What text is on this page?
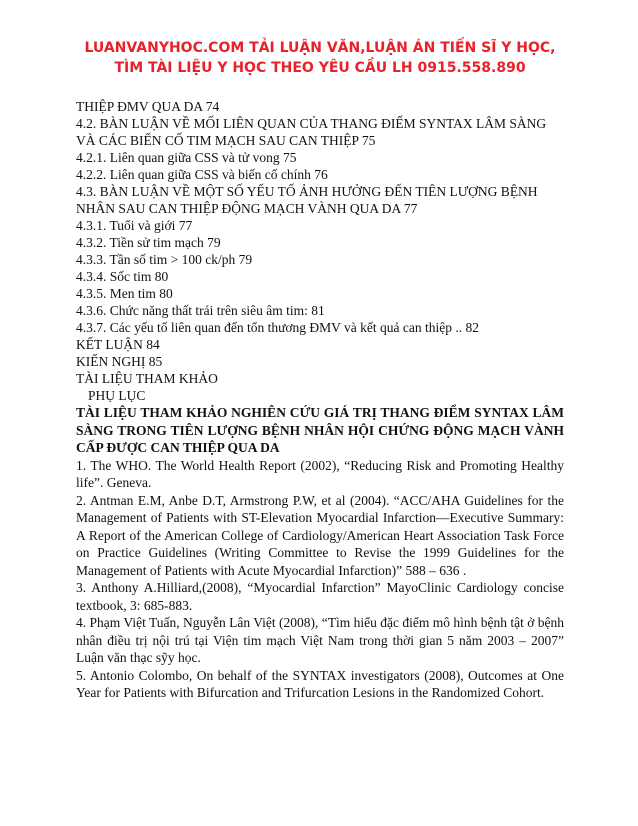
LUANVANYHOC.COM TẢI LUẬN VĂN,LUẬN ÁN TIẾN SĨ Y HỌC,
TÌM TÀI LIỆU Y HỌC THEO YÊU CẦU LH 0915.558.890
THIỆP ĐMV QUA DA 74
4.2. BÀN LUẬN VỀ MỐI LIÊN QUAN CỦA THANG ĐIỂM SYNTAX LÂM SÀNG VÀ CÁC BIẾN CỐ TIM MẠCH SAU CAN THIỆP 75
4.2.1. Liên quan giữa CSS và tử vong 75
4.2.2. Liên quan giữa CSS và biến cố chính 76
4.3. BÀN LUẬN VỀ MỘT SỐ YẾU TỐ ẢNH HƯỞNG ĐẾN TIÊN LƯỢNG BỆNH NHÂN SAU CAN THIỆP ĐỘNG MẠCH VÀNH QUA DA 77
4.3.1. Tuổi và giới 77
4.3.2. Tiền sử tim mạch 79
4.3.3. Tần số tim > 100 ck/ph 79
4.3.4. Sốc tim 80
4.3.5. Men tim 80
4.3.6. Chức năng thất trái trên siêu âm tim: 81
4.3.7. Các yếu tố liên quan đến tổn thương ĐMV và kết quả can thiệp .. 82
KẾT LUẬN 84
KIẾN NGHỊ 85
TÀI LIỆU THAM KHẢO
PHỤ LỤC
TÀI LIỆU THAM KHẢO NGHIÊN CỨU GIÁ TRỊ THANG ĐIỂM SYNTAX LÂM SÀNG TRONG TIÊN LƯỢNG BỆNH NHÂN HỘI CHỨNG ĐỘNG MẠCH VÀNH CẤP ĐƯỢC CAN THIỆP QUA DA
1. The WHO. The World Health Report (2002), “Reducing Risk and Promoting Healthy life”. Geneva.
2. Antman E.M, Anbe D.T, Armstrong P.W, et al (2004). “ACC/AHA Guidelines for the Management of Patients with ST-Elevation Myocardial Infarction—Executive Summary: A Report of the American College of Cardiology/American Heart Association Task Force on Practice Guidelines (Writing Committee to Revise the 1999 Guidelines for the Management of Patients with Acute Myocardial Infarction)” 588 – 636 .
3. Anthony A.Hilliard,(2008), “Myocardial Infarction” MayoClinic Cardiology concise textbook, 3: 685-883.
4. Phạm Việt Tuấn, Nguyễn Lân Việt (2008), “Tìm hiểu đặc điểm mô hình bệnh tật ở bệnh nhân điều trị nội trú tại Viện tim mạch Việt Nam trong thời gian 5 năm 2003 – 2007” Luận văn thạc sỹy học.
5. Antonio Colombo, On behalf of the SYNTAX investigators (2008), Outcomes at One Year for Patients with Bifurcation and Trifurcation Lesions in the Randomized Cohort.
